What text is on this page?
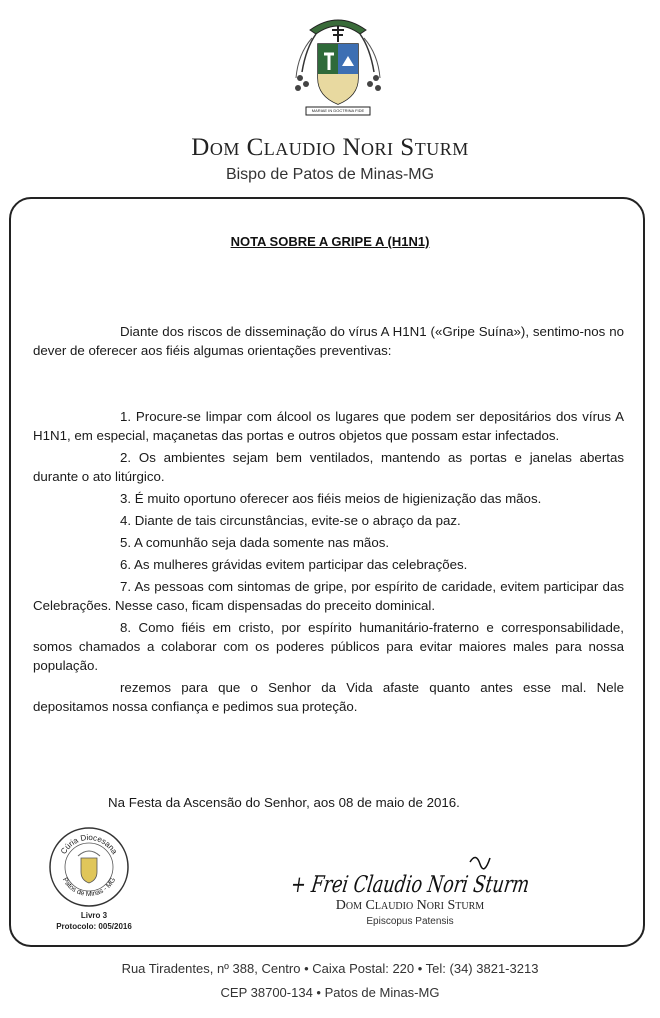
MARIAE IN DOCTRINA FIDE
Dom Claudio Nori Sturm
Bispo de Patos de Minas-MG
NOTA SOBRE A GRIPE A (H1N1)

Diante dos riscos de disseminação do vírus A H1N1 («Gripe Suína»), sentimo-nos no dever de oferecer aos fiéis algumas orientações preventivas:

1. Procure-se limpar com álcool os lugares que podem ser depositários dos vírus A H1N1, em especial, maçanetas das portas e outros objetos que possam estar infectados.

2. Os ambientes sejam bem ventilados, mantendo as portas e janelas abertas durante o ato litúrgico.

3. É muito oportuno oferecer aos fiéis meios de higienização das mãos.

4. Diante de tais circunstâncias, evite-se o abraço da paz.

5. A comunhão seja dada somente nas mãos.

6. As mulheres grávidas evitem participar das celebrações.

7. As pessoas com sintomas de gripe, por espírito de caridade, evitem participar das Celebrações. Nesse caso, ficam dispensadas do preceito dominical.

8. Como fiéis em cristo, por espírito humanitário-fraterno e corresponsabilidade, somos chamados a colaborar com os poderes públicos para evitar maiores males para nossa população.

rezemos para que o Senhor da Vida afaste quanto antes esse mal. Nele depositamos nossa confiança e pedimos sua proteção.

Na Festa da Ascensão do Senhor, aos 08 de maio de 2016.
Cúria Diocesana
Patos de Minas - MG
Livro 3
Protocolo: 005/2016
+ Frei Claudio Nori Sturm
Dom Claudio Nori Sturm
Episcopus Patensis
Rua Tiradentes, nº 388, Centro • Caixa Postal: 220 • Tel: (34) 3821-3213
CEP 38700-134 • Patos de Minas-MG
